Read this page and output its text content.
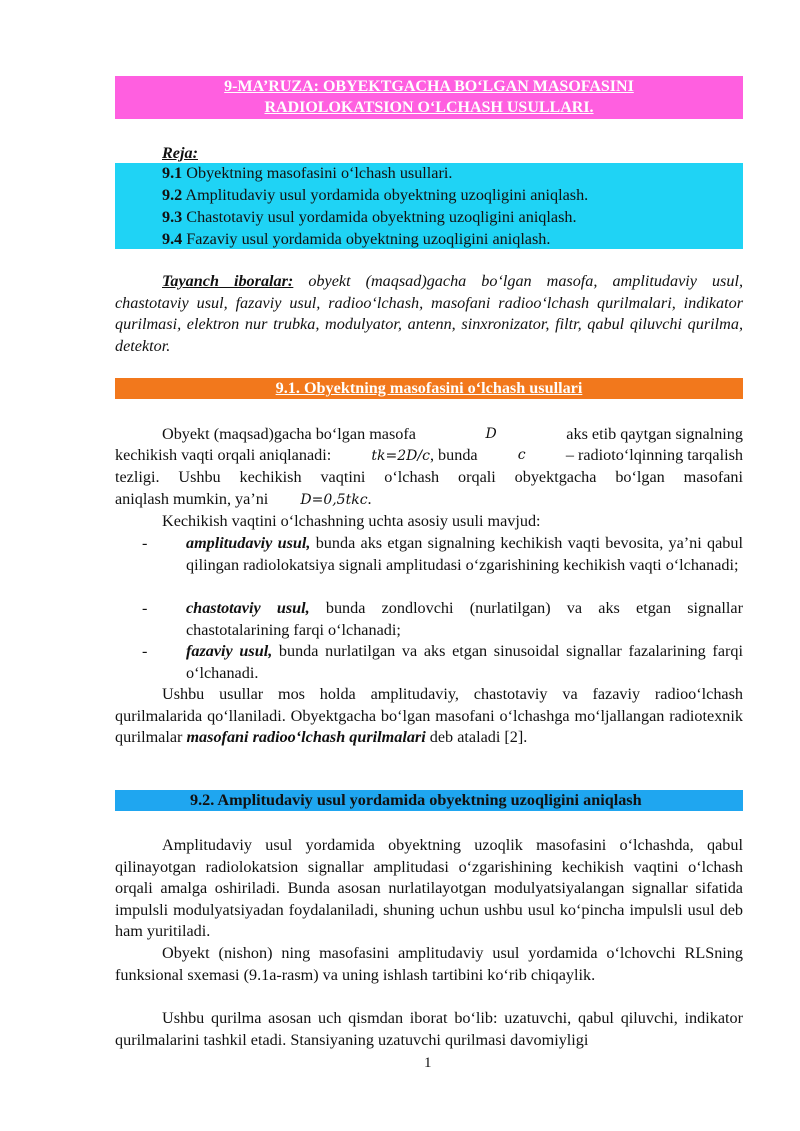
9-MA’RUZA: OBYEKTGACHA BO‘LGAN MASOFASINI
RADIOLOKATSION O‘LCHASH USULLARI.
Reja:
9.1 Obyektning masofasini o‘lchash usullari.
9.2 Amplitudaviy usul yordamida obyektning uzoqligini aniqlash.
9.3 Chastotaviy usul yordamida obyektning uzoqligini aniqlash.
9.4 Fazaviy usul yordamida obyektning uzoqligini aniqlash.
Tayanch iboralar: obyekt (maqsad)gacha bo‘lgan masofa, amplitudaviy usul, chastotaviy usul, fazaviy usul, radioo‘lchash, masofani radioo‘lchash qurilmalari, indikator qurilmasi, elektron nur trubka, modulyator, antenn, sinxronizator, filtr, qabul qiluvchi qurilma, detektor.
9.1. Obyektning masofasini o‘lchash usullari
Obyekt (maqsad)gacha bo‘lgan masofa	D	aks etib qaytgan signalning
kechikish vaqti orqali aniqlanadi:	tk=2D/c, bunda	c – radioto‘lqinning tarqalish
tezligi. Ushbu kechikish vaqtini o‘lchash orqali obyektgacha bo‘lgan masofani
aniqlash mumkin, ya’ni D=0,5tkc.
Kechikish vaqtini o‘lchashning uchta asosiy usuli mavjud:
- amplitudaviy usul, bunda aks etgan signalning kechikish vaqti bevosita, ya’ni qabul qilingan radiolokatsiya signali amplitudasi o‘zgarishining kechikish vaqti o‘lchanadi;
- chastotaviy usul, bunda zondlovchi (nurlatilgan) va aks etgan signallar chastotalarining farqi o‘lchanadi;
- fazaviy usul, bunda nurlatilgan va aks etgan sinusoidal signallar fazalarining farqi o‘lchanadi.
Ushbu usullar mos holda amplitudaviy, chastotaviy va fazaviy radioo‘lchash qurilmalarida qo‘llaniladi. Obyektgacha bo‘lgan masofani o‘lchashga mo‘ljallangan radiotexnik qurilmalar masofani radioo‘lchash qurilmalari deb ataladi [2].
9.2. Amplitudaviy usul yordamida obyektning uzoqligini aniqlash
Amplitudaviy usul yordamida obyektning uzoqlik masofasini o‘lchashda, qabul qilinayotgan radiolokatsion signallar amplitudasi o‘zgarishining kechikish vaqtini o‘lchash orqali amalga oshiriladi. Bunda asosan nurlatilayotgan modulyatsiyalangan signallar sifatida impulsli modulyatsiyadan foydalaniladi, shuning uchun ushbu usul ko‘pincha impulsli usul deb ham yuritiladi.
Obyekt (nishon) ning masofasini amplitudaviy usul yordamida o‘lchovchi RLSning funksional sxemasi (9.1a-rasm) va uning ishlash tartibini ko‘rib chiqaylik.
Ushbu qurilma asosan uch qismdan iborat bo‘lib: uzatuvchi, qabul qiluvchi, indikator qurilmalarini tashkil etadi. Stansiyaning uzatuvchi qurilmasi davomiyligi
1
